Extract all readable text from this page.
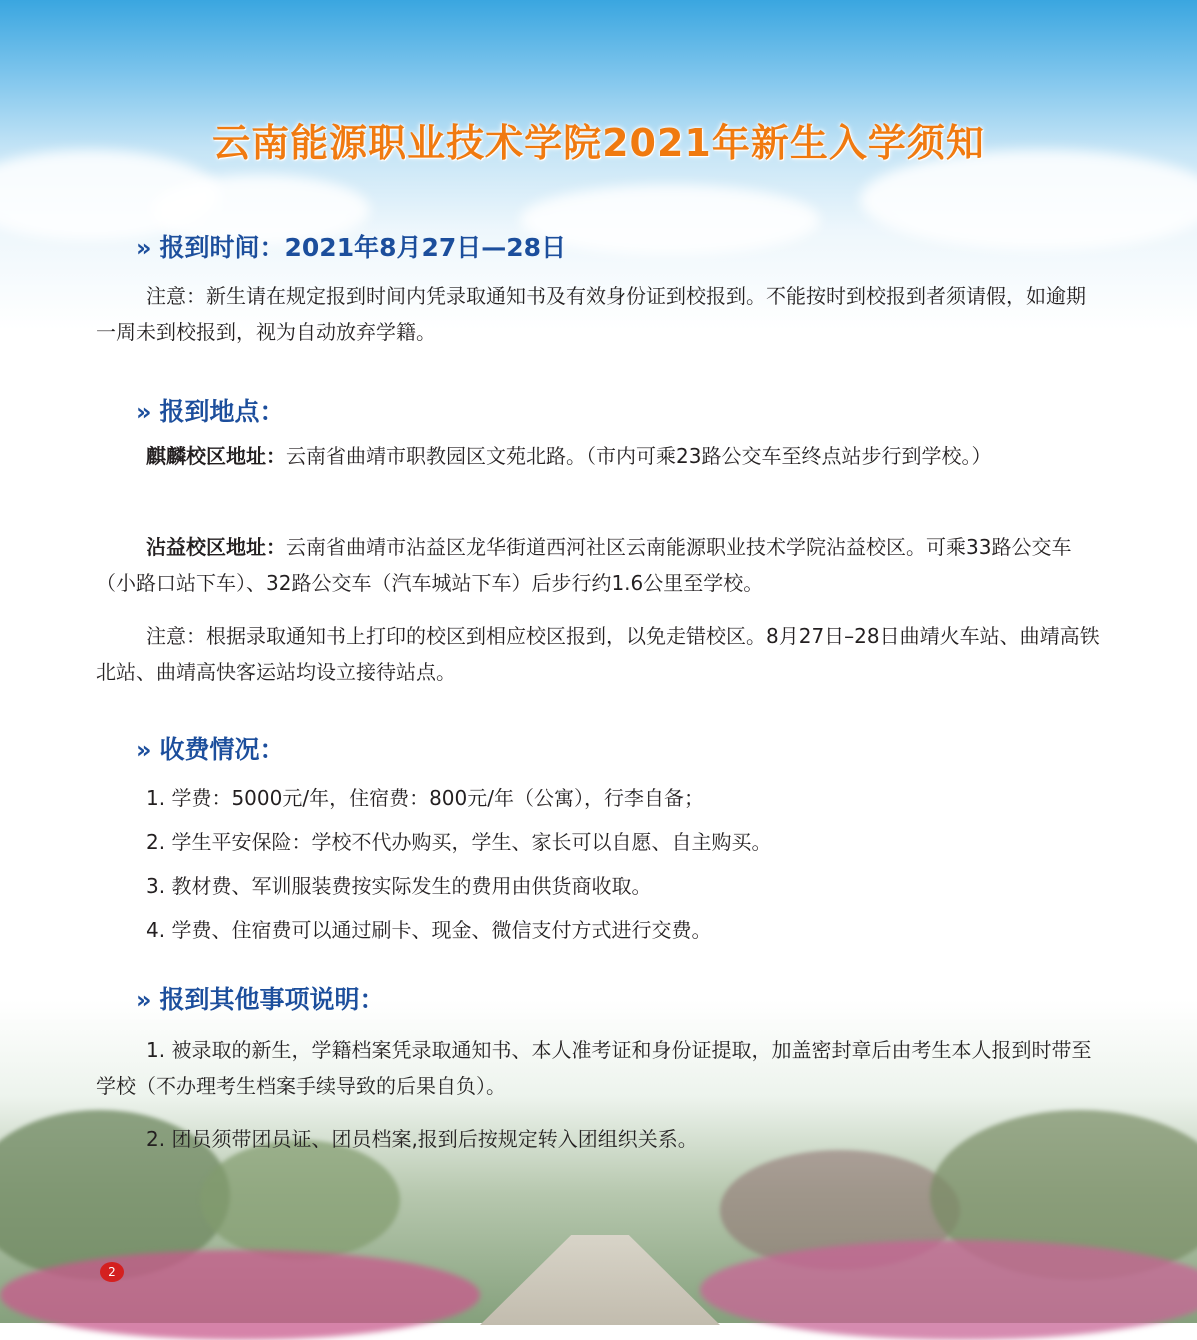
云南能源职业技术学院2021年新生入学须知
» 报到时间：2021年8月27日—28日
注意：新生请在规定报到时间内凭录取通知书及有效身份证到校报到。不能按时到校报到者须请假，如逾期一周未到校报到，视为自动放弃学籍。
» 报到地点：
麒麟校区地址：云南省曲靖市职教园区文苑北路。（市内可乘23路公交车至终点站步行到学校。）
沾益校区地址：云南省曲靖市沾益区龙华街道西河社区云南能源职业技术学院沾益校区。可乘33路公交车（小路口站下车）、32路公交车（汽车城站下车）后步行约1.6公里至学校。
注意：根据录取通知书上打印的校区到相应校区报到，以免走错校区。8月27日–28日曲靖火车站、曲靖高铁北站、曲靖高快客运站均设立接待站点。
» 收费情况：
1. 学费：5000元/年，住宿费：800元/年（公寓），行李自备；
2. 学生平安保险：学校不代办购买，学生、家长可以自愿、自主购买。
3. 教材费、军训服装费按实际发生的费用由供货商收取。
4. 学费、住宿费可以通过刷卡、现金、微信支付方式进行交费。
» 报到其他事项说明：
1. 被录取的新生，学籍档案凭录取通知书、本人准考证和身份证提取，加盖密封章后由考生本人报到时带至学校（不办理考生档案手续导致的后果自负）。
2. 团员须带团员证、团员档案,报到后按规定转入团组织关系。
2
